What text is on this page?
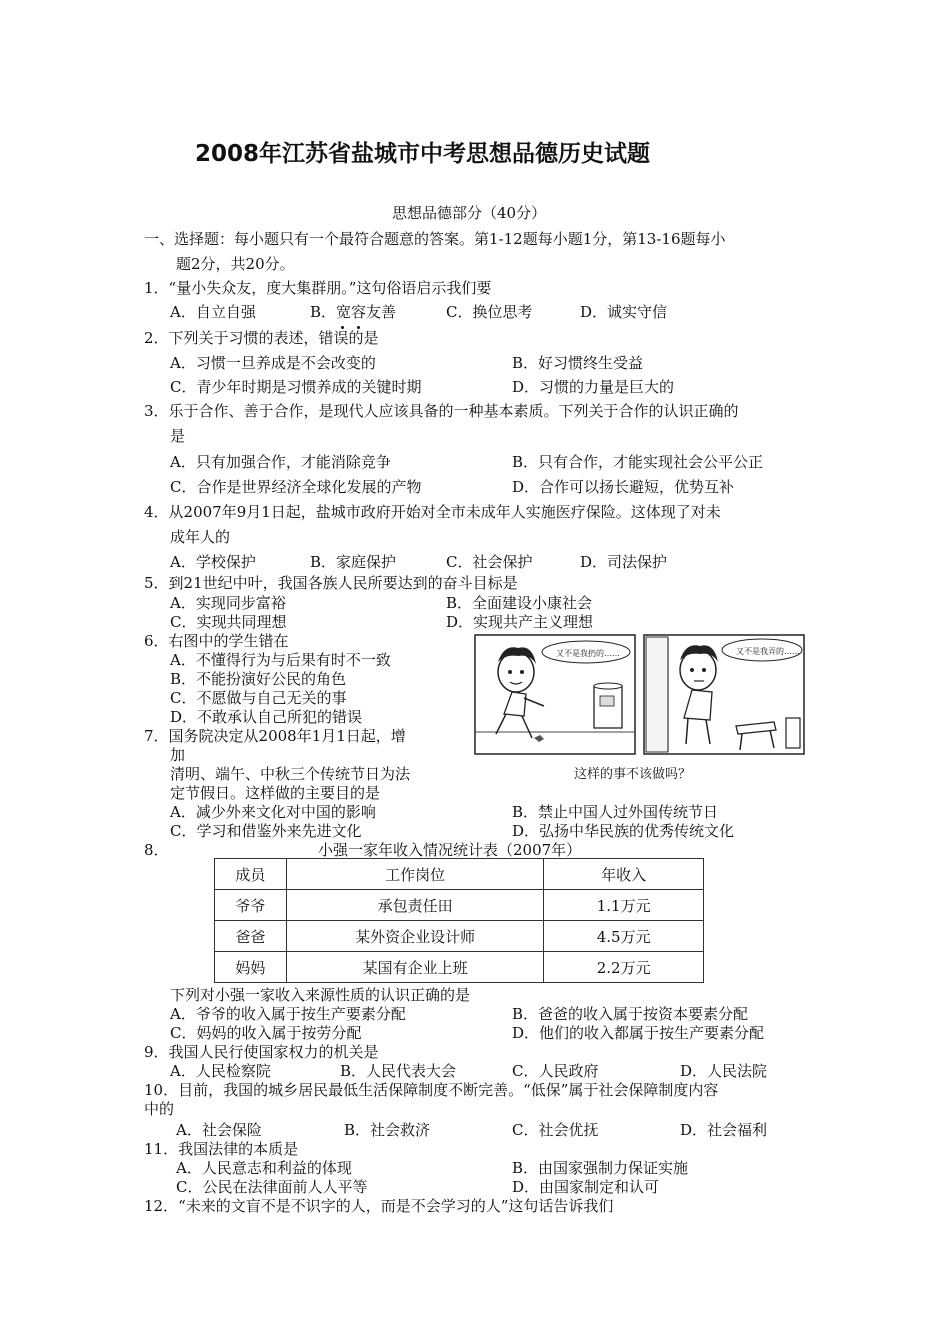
2008年江苏省盐城市中考思想品德历史试题
思想品德部分（40分）
一、选择题：每小题只有一个最符合题意的答案。第1-12题每小题1分，第13-16题每小
题2分，共20分。
1．“量小失众友，度大集群朋。”这句俗语启示我们要
A．自立自强	B．宽容友善	C．换位思考	D．诚实守信
2．下列关于习惯的表述，错误的是
A．习惯一旦养成是不会改变的	B．好习惯终生受益
C．青少年时期是习惯养成的关键时期	D．习惯的力量是巨大的
3．乐于合作、善于合作，是现代人应该具备的一种基本素质。下列关于合作的认识正确的
是
A．只有加强合作，才能消除竞争	B．只有合作，才能实现社会公平公正
C．合作是世界经济全球化发展的产物	D．合作可以扬长避短，优势互补
4．从2007年9月1日起，盐城市政府开始对全市未成年人实施医疗保险。这体现了对未
成年人的
A．学校保护	B．家庭保护	C．社会保护	D．司法保护
5．到21世纪中叶，我国各族人民所要达到的奋斗目标是
A．实现同步富裕	B．全面建设小康社会
C．实现共同理想	D．实现共产主义理想
6．右图中的学生错在
A．不懂得行为与后果有时不一致
B．不能扮演好公民的角色
C．不愿做与自己无关的事
D．不敢承认自己所犯的错误
又不是我扔的……	又不是我弄的……
这样的事不该做吗？
7．国务院决定从2008年1月1日起，增
加
清明、端午、中秋三个传统节日为法
定节假日。这样做的主要目的是
A．减少外来文化对中国的影响	B．禁止中国人过外国传统节日
C．学习和借鉴外来先进文化	D．弘扬中华民族的优秀传统文化
8．	小强一家年收入情况统计表（2007年）
成员	工作岗位	年收入
爷爷	承包责任田	1.1万元
爸爸	某外资企业设计师	4.5万元
妈妈	某国有企业上班	2.2万元
下列对小强一家收入来源性质的认识正确的是
A．爷爷的收入属于按生产要素分配	B．爸爸的收入属于按资本要素分配
C．妈妈的收入属于按劳分配	D．他们的收入都属于按生产要素分配
9．我国人民行使国家权力的机关是
A．人民检察院	B．人民代表大会	C．人民政府	D．人民法院
10．目前，我国的城乡居民最低生活保障制度不断完善。“低保”属于社会保障制度内容
中的
A．社会保险	B．社会救济	C．社会优抚	D．社会福利
11．我国法律的本质是
A．人民意志和利益的体现	B．由国家强制力保证实施
C．公民在法律面前人人平等	D．由国家制定和认可
12．“未来的文盲不是不识字的人，而是不会学习的人”这句话告诉我们
